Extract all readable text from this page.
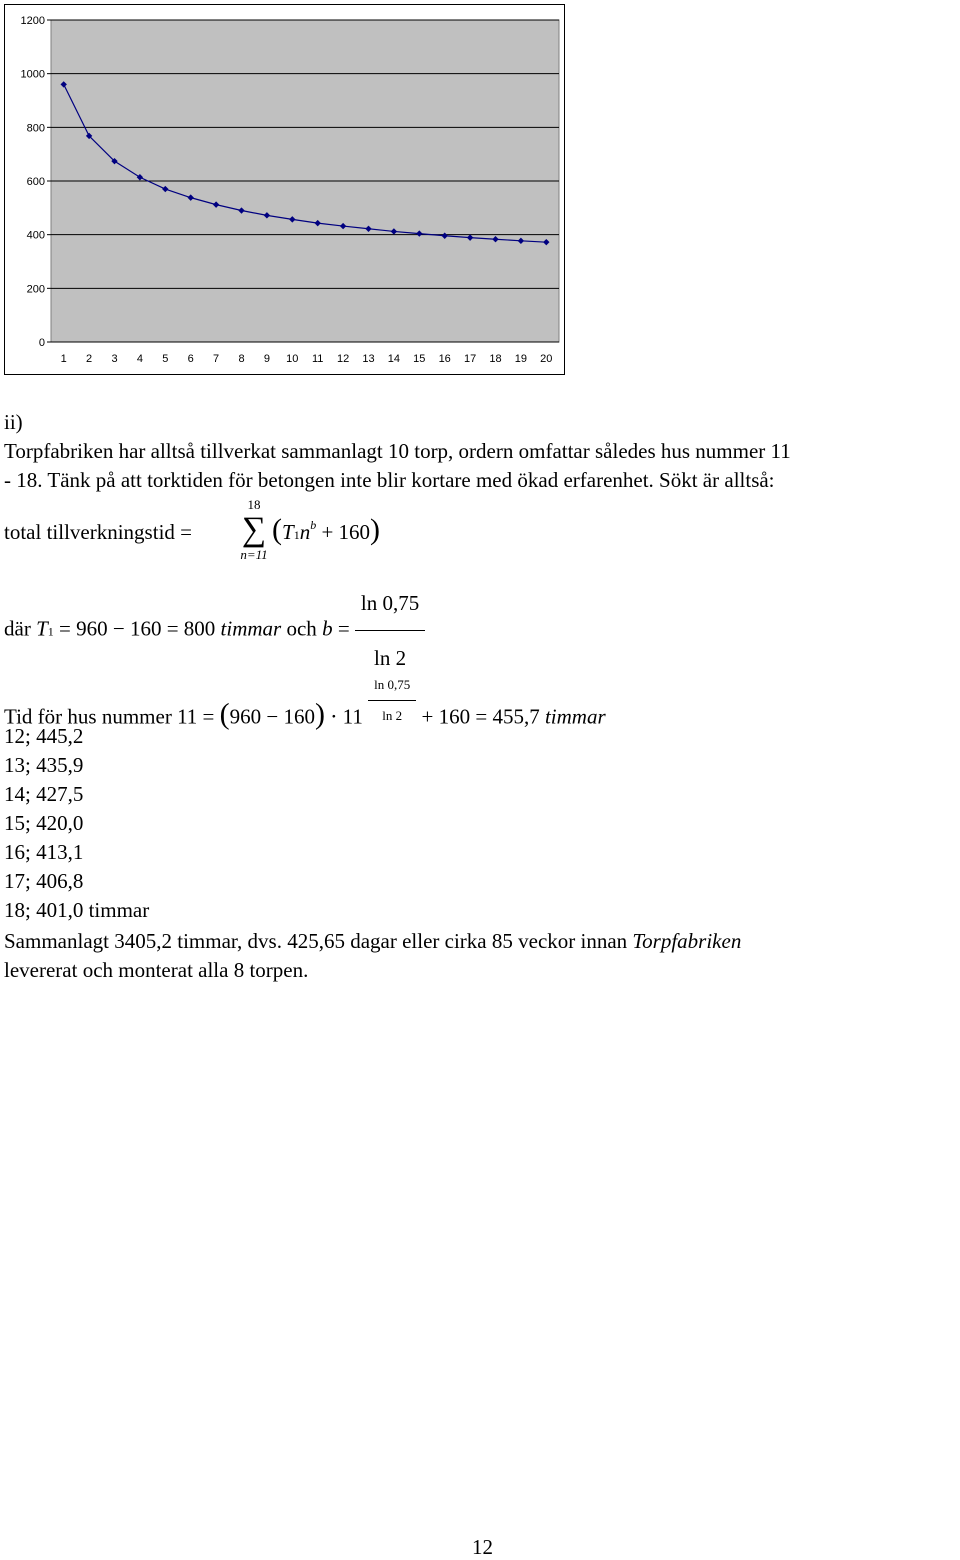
0
200
400
600
800
1000
1200
1 2 3 4 5 6 7 8 9 10 11 12 13 14 15 16 17 18 19 20
ii)
Torpfabriken har alltså tillverkat sammanlagt 10 torp, ordern omfattar således hus nummer 11
- 18. Tänk på att torktiden för betongen inte blir kortare med ökad erfarenhet. Sökt är alltså:
total tillverkningstid =
18
∑
n=11
$(T1n^b + 160)$
där T1 = 960 − 160 = 800 timmar och $b = \frac{\ln 0,75}{\ln 2}$
Tid för hus nummer $11 = (960 - 160) \cdot 11 \frac{\ln 0,75}{\ln 2} + 160 = 455,7$ timmar
12; 445,2
13; 435,9
14; 427,5
15; 420,0
16; 413,1
17; 406,8
18; 401,0 timmar
Sammanlagt 3405,2 timmar, dvs. 425,65 dagar eller cirka 85 veckor innan Torpfabriken
levererat och monterat alla 8 torpen.
12
